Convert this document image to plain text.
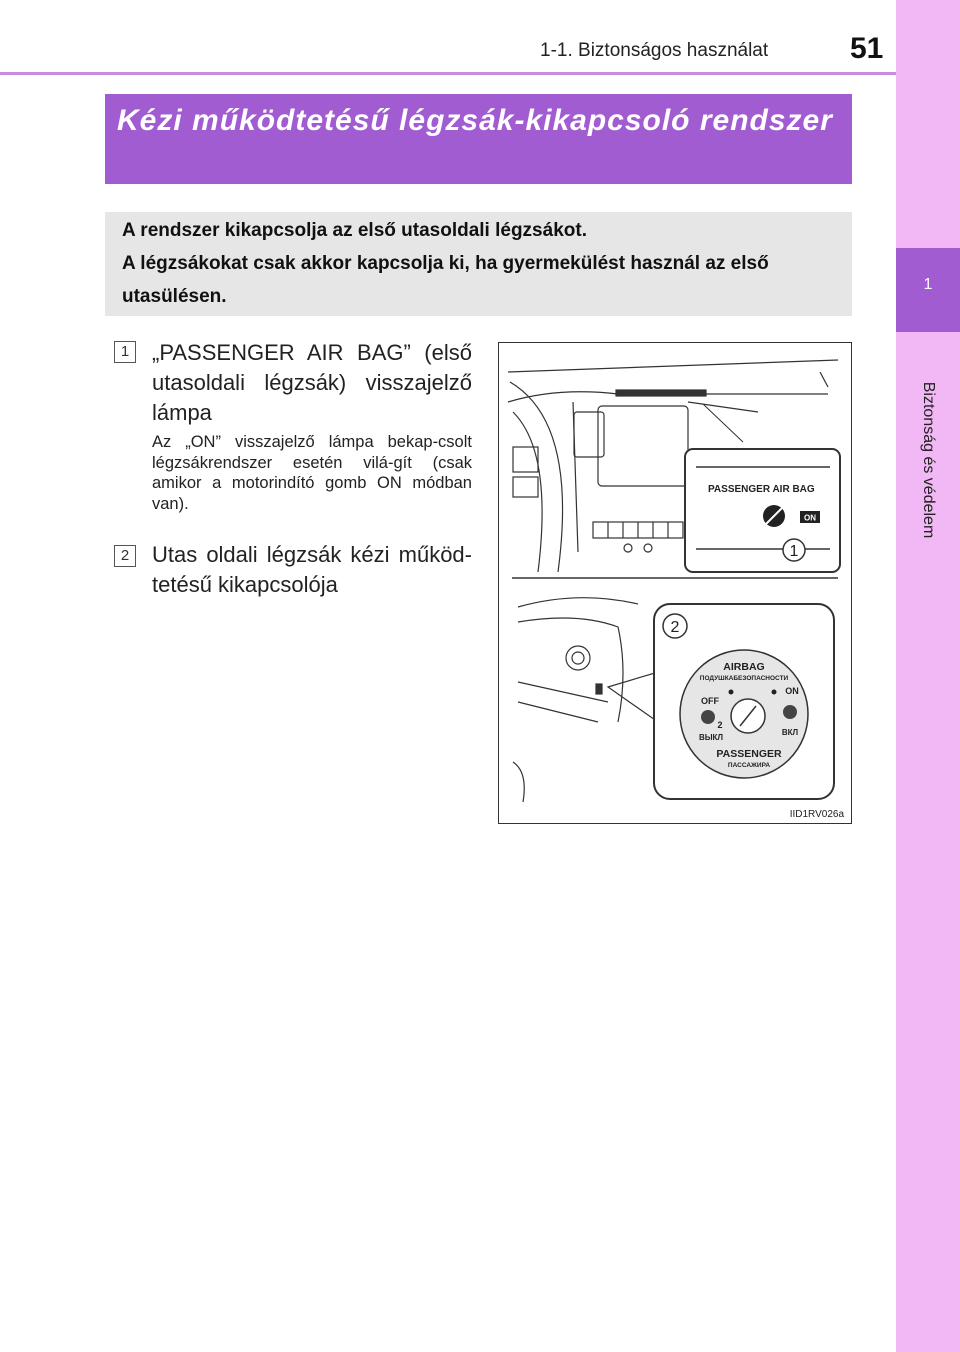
1-1. Biztonságos használat	51
1
Biztonság és védelem
Kézi működtetésű légzsák-kikapcsoló rendszer
A rendszer kikapcsolja az első utasoldali légzsákot.
A légzsákokat csak akkor kapcsolja ki, ha gyermekülést használ az első utasülésen.
1	„PASSENGER AIR BAG” (első utasoldali légzsák) visszajelző lámpa
Az „ON” visszajelző lámpa bekap-csolt légzsákrendszer esetén vilá-gít (csak amikor a motorindító gomb ON módban van).
2	Utas oldali légzsák kézi működ-tetésű kikapcsolója
PASSENGER AIR BAG
ON
1
2
AIRBAG
ПОДУШКАБЕЗОПАСНОСТИ
OFF
ON
2
ВЫКЛ
ВКЛ
PASSENGER
ПАССАЖИРА
IID1RV026a
